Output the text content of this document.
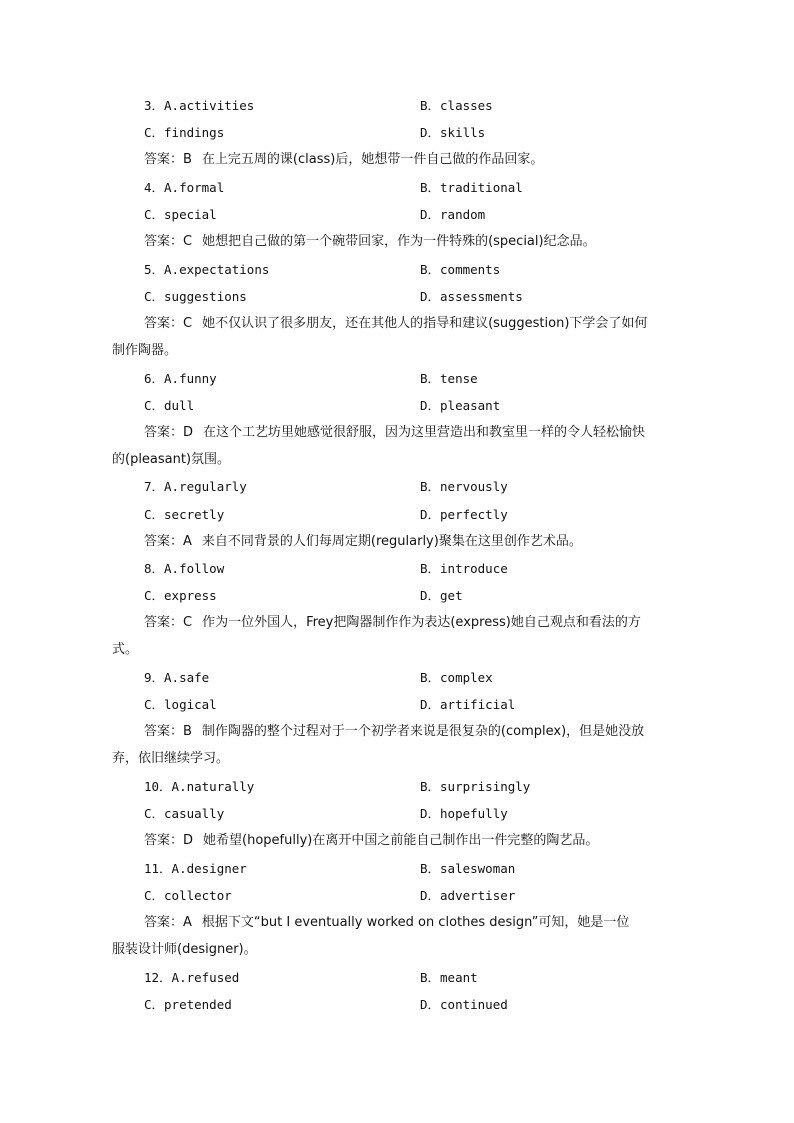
3．A.activities	B．classes
C．findings	D．skills
答案：B 在上完五周的课(class)后，她想带一件自己做的作品回家。
4．A.formal	B．traditional
C．special	D．random
答案：C 她想把自己做的第一个碗带回家，作为一件特殊的(special)纪念品。
5．A.expectations	B．comments
C．suggestions	D．assessments
答案：C 她不仅认识了很多朋友，还在其他人的指导和建议(suggestion)下学会了如何
制作陶器。
6．A.funny	B．tense
C．dull	D．pleasant
答案：D 在这个工艺坊里她感觉很舒服，因为这里营造出和教室里一样的令人轻松愉快
的(pleasant)氛围。
7．A.regularly	B．nervously
C．secretly	D．perfectly
答案：A 来自不同背景的人们每周定期(regularly)聚集在这里创作艺术品。
8．A.follow	B．introduce
C．express	D．get
答案：C 作为一位外国人，Frey把陶器制作作为表达(express)她自己观点和看法的方
式。
9．A.safe	B．complex
C．logical	D．artificial
答案：B 制作陶器的整个过程对于一个初学者来说是很复杂的(complex)，但是她没放
弃，依旧继续学习。
10．A.naturally	B．surprisingly
C．casually	D．hopefully
答案：D 她希望(hopefully)在离开中国之前能自己制作出一件完整的陶艺品。
11．A.designer	B．saleswoman
C．collector	D．advertiser
答案：A 根据下文“but I eventually worked on clothes design”可知，她是一位
服装设计师(designer)。
12．A.refused	B．meant
C．pretended	D．continued
